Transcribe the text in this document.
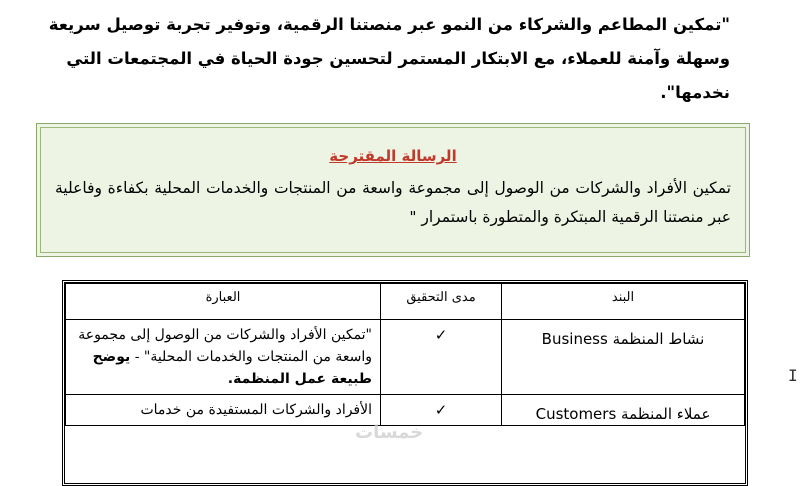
"تمكين المطاعم والشركاء من النمو عبر منصتنا الرقمية، وتوفير تجربة توصيل سريعة وسهلة وآمنة للعملاء، مع الابتكار المستمر لتحسين جودة الحياة في المجتمعات التي نخدمها".
الرسالة المقترحة
تمكين الأفراد والشركات من الوصول إلى مجموعة واسعة من المنتجات والخدمات المحلية بكفاءة وفاعلية عبر منصتنا الرقمية المبتكرة والمتطورة باستمرار "
البند	مدى التحقيق	العبارة
نشاط المنظمة Business	✓	"تمكين الأفراد والشركات من الوصول إلى مجموعة واسعة من المنتجات والخدمات المحلية" - يوضح طبيعة عمل المنظمة.
عملاء المنظمة Customers	✓	الأفراد والشركات المستفيدة من خدمات
خمسات
I
